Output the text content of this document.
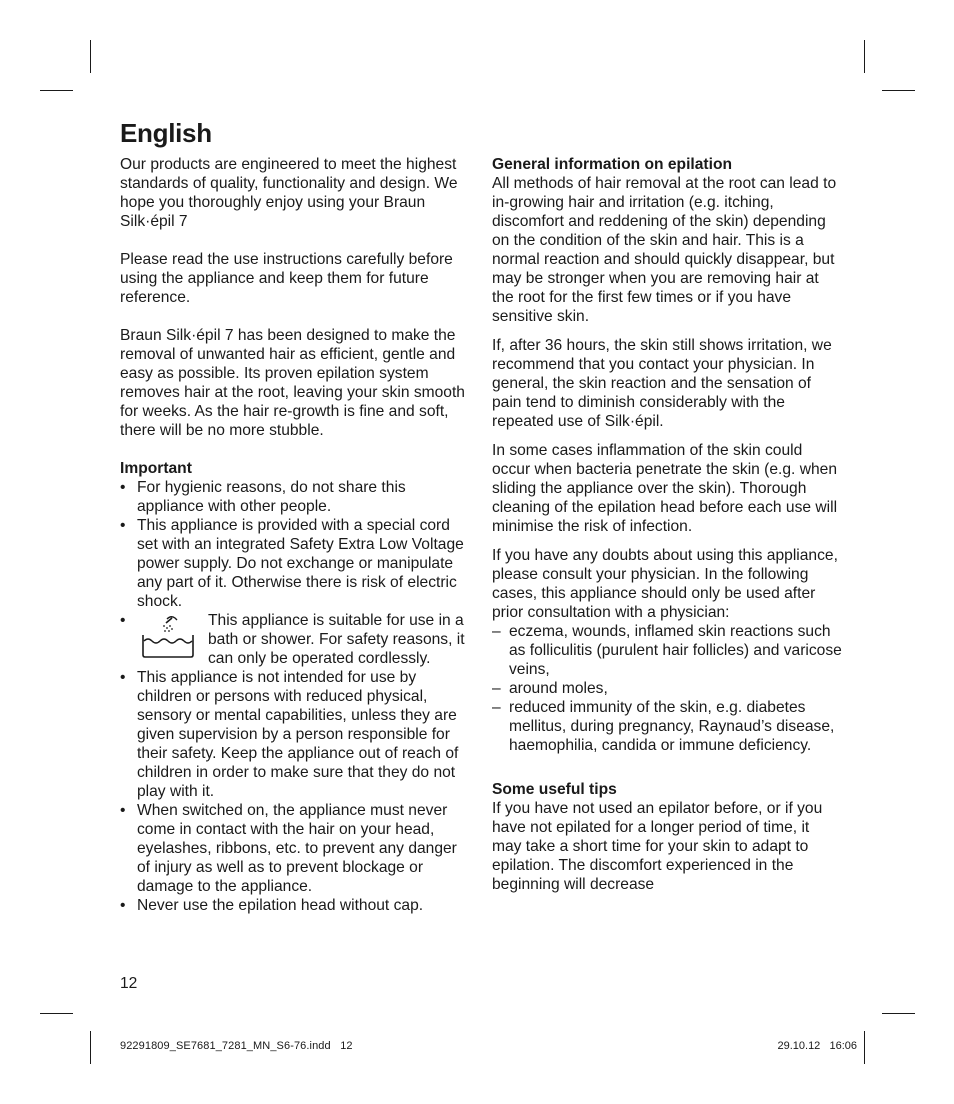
English

Our products are engineered to meet the highest standards of quality, functionality and design. We hope you thoroughly enjoy using your Braun Silk·épil 7

Please read the use instructions carefully before using the appliance and keep them for future reference.

Braun Silk·épil 7 has been designed to make the removal of unwanted hair as efficient, gentle and easy as possible. Its proven epilation system removes hair at the root, leaving your skin smooth for weeks. As the hair re-growth is fine and soft, there will be no more stubble.

Important

• For hygienic reasons, do not share this appliance with other people.
• This appliance is provided with a special cord set with an integrated Safety Extra Low Voltage power supply. Do not exchange or manipulate any part of it. Otherwise there is risk of electric shock.
•	This appliance is suitable for use in a bath or shower. For safety reasons, it can only be operated cordlessly.
• This appliance is not intended for use by children or persons with reduced physical, sensory or mental capabilities, unless they are given supervision by a person responsible for their safety. Keep the appliance out of reach of children in order to make sure that they do not play with it.
• When switched on, the appliance must never come in contact with the hair on your head, eyelashes, ribbons, etc. to prevent any danger of injury as well as to prevent blockage or damage to the appliance.
• Never use the epilation head without cap.

General information on epilation

All methods of hair removal at the root can lead to in-growing hair and irritation (e.g. itching, discomfort and reddening of the skin) depending on the condition of the skin and hair. This is a normal reaction and should quickly disappear, but may be stronger when you are removing hair at the root for the first few times or if you have sensitive skin.

If, after 36 hours, the skin still shows irritation, we recommend that you contact your physician. In general, the skin reaction and the sensation of pain tend to diminish considerably with the repeated use of Silk·épil.

In some cases inflammation of the skin could occur when bacteria penetrate the skin (e.g. when sliding the appliance over the skin). Thorough cleaning of the epilation head before each use will minimise the risk of infection.

If you have any doubts about using this appliance, please consult your physician. In the following cases, this appliance should only be used after prior consultation with a physician:

– eczema, wounds, inflamed skin reactions such as folliculitis (purulent hair follicles) and varicose veins,
– around moles,
– reduced immunity of the skin, e.g. diabetes mellitus, during pregnancy, Raynaud’s disease, haemophilia, candida or immune deficiency.

Some useful tips

If you have not used an epilator before, or if you have not epilated for a longer period of time, it may take a short time for your skin to adapt to epilation. The discomfort experienced in the beginning will decrease

12
92291809_SE7681_7281_MN_S6-76.indd   12	29.10.12   16:06
